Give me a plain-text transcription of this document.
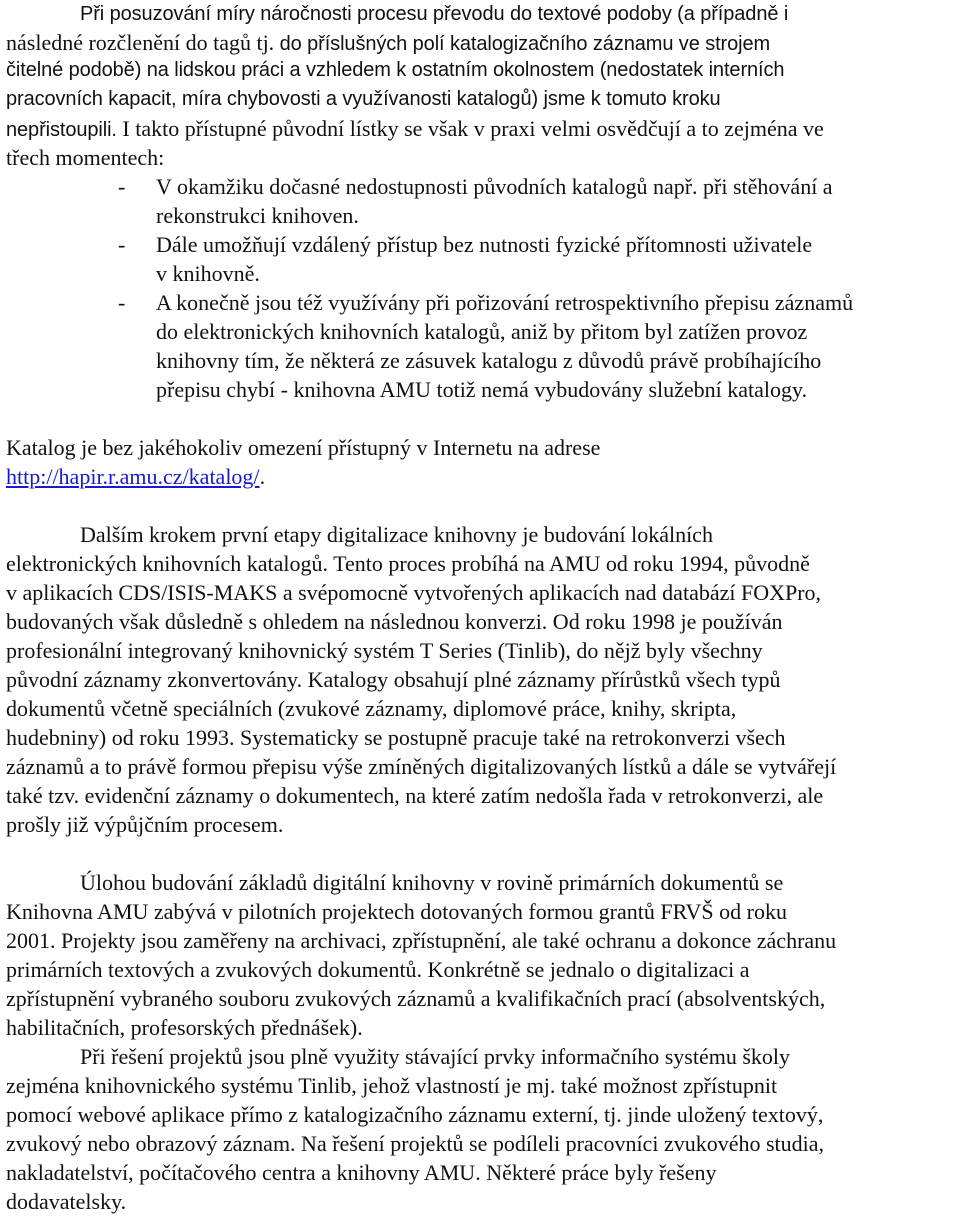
Při posuzování míry náročnosti procesu převodu do textové podoby (a případně i
následné rozčlenění do tagů tj. do příslušných polí katalogizačního záznamu ve strojem
čitelné podobě) na lidskou práci a vzhledem k ostatním okolnostem (nedostatek interních
pracovních kapacit, míra chybovosti a využívanosti katalogů) jsme k tomuto kroku
nepřistoupili. I takto přístupné původní lístky se však v praxi velmi osvědčují a to zejména ve
třech momentech:
- V okamžiku dočasné nedostupnosti původních katalogů např. při stěhování a
rekonstrukci knihoven.
- Dále umožňují vzdálený přístup bez nutnosti fyzické přítomnosti uživatele
v knihovně.
- A konečně jsou též využívány při pořizování retrospektivního přepisu záznamů
do elektronických knihovních katalogů, aniž by přitom byl zatížen provoz
knihovny tím, že některá ze zásuvek katalogu z důvodů právě probíhajícího
přepisu chybí - knihovna AMU totiž nemá vybudovány služební katalogy.
Katalog je bez jakéhokoliv omezení přístupný v Internetu na adrese
http://hapir.r.amu.cz/katalog/.
Dalším krokem první etapy digitalizace knihovny je budování lokálních
elektronických knihovních katalogů. Tento proces probíhá na AMU od roku 1994, původně
v aplikacích CDS/ISIS-MAKS a svépomocně vytvořených aplikacích nad databází FOXPro,
budovaných však důsledně s ohledem na následnou konverzi. Od roku 1998 je používán
profesionální integrovaný knihovnický systém T Series (Tinlib), do nějž byly všechny
původní záznamy zkonvertovány. Katalogy obsahují plné záznamy přírůstků všech typů
dokumentů včetně speciálních (zvukové záznamy, diplomové práce, knihy, skripta,
hudebniny) od roku 1993. Systematicky se postupně pracuje také na retrokonverzi všech
záznamů a to právě formou přepisu výše zmíněných digitalizovaných lístků a dále se vytvářejí
také tzv. evidenční záznamy o dokumentech, na které zatím nedošla řada v retrokonverzi, ale
prošly již výpůjčním procesem.
Úlohou budování základů digitální knihovny v rovině primárních dokumentů se
Knihovna AMU zabývá v pilotních projektech dotovaných formou grantů FRVŠ od roku
2001. Projekty jsou zaměřeny na archivaci, zpřístupnění, ale také ochranu a dokonce záchranu
primárních textových a zvukových dokumentů. Konkrétně se jednalo o digitalizaci a
zpřístupnění vybraného souboru zvukových záznamů a kvalifikačních prací (absolventských,
habilitačních, profesorských přednášek).
Při řešení projektů jsou plně využity stávající prvky informačního systému školy
zejména knihovnického systému Tinlib, jehož vlastností je mj. také možnost zpřístupnit
pomocí webové aplikace přímo z katalogizačního záznamu externí, tj. jinde uložený textový,
zvukový nebo obrazový záznam. Na řešení projektů se podíleli pracovníci zvukového studia,
nakladatelství, počítačového centra a knihovny AMU. Některé práce byly řešeny
dodavatelsky.
